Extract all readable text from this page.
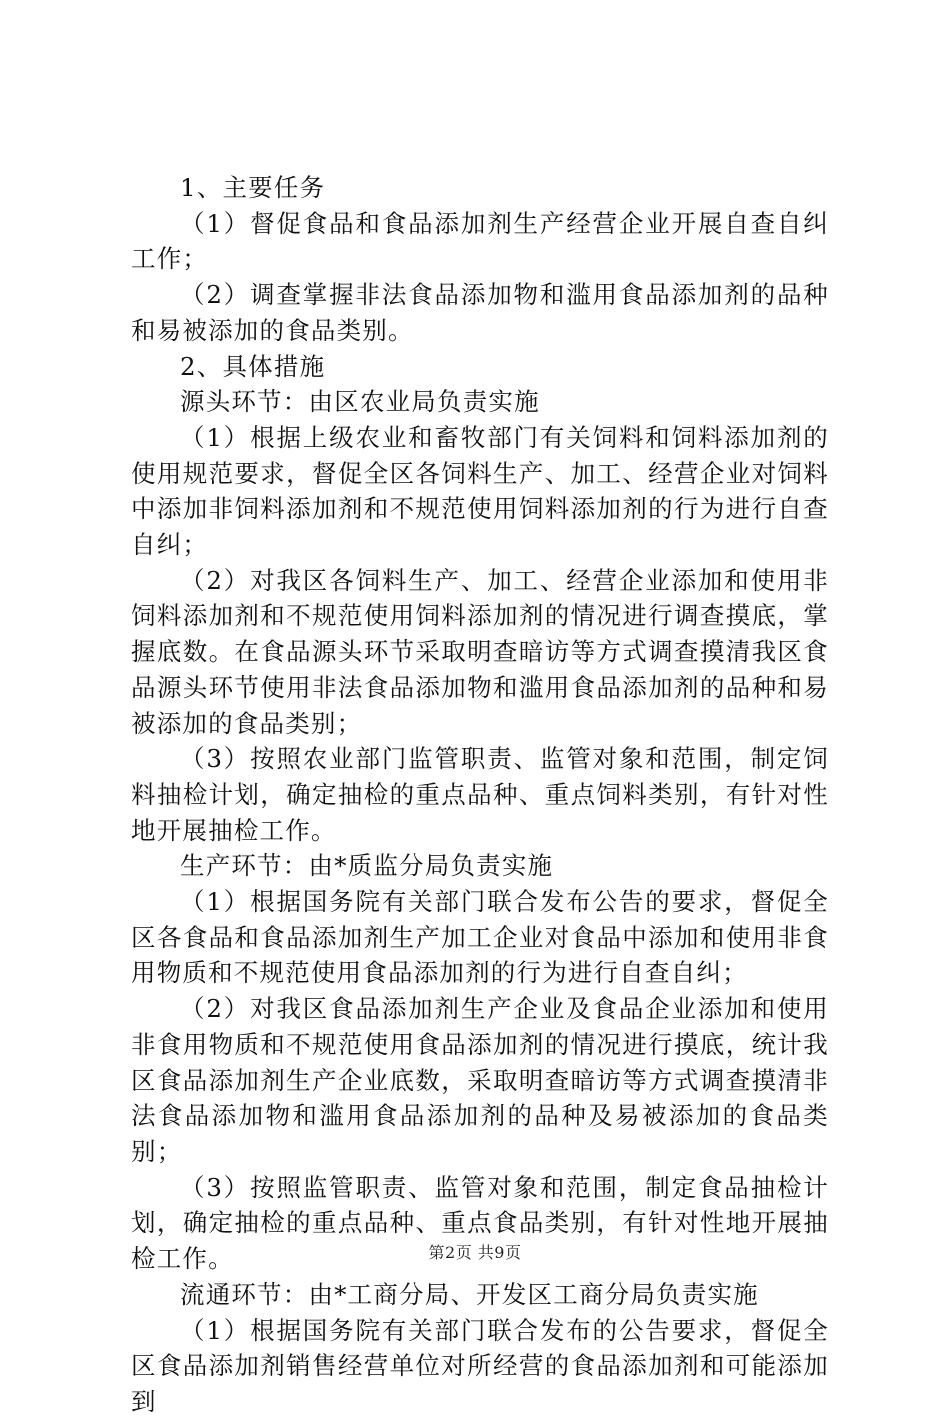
1、主要任务

（1）督促食品和食品添加剂生产经营企业开展自查自纠工作；

（2）调查掌握非法食品添加物和滥用食品添加剂的品种和易被添加的食品类别。

2、具体措施

源头环节：由区农业局负责实施

（1）根据上级农业和畜牧部门有关饲料和饲料添加剂的使用规范要求，督促全区各饲料生产、加工、经营企业对饲料中添加非饲料添加剂和不规范使用饲料添加剂的行为进行自查自纠；

（2）对我区各饲料生产、加工、经营企业添加和使用非饲料添加剂和不规范使用饲料添加剂的情况进行调查摸底，掌握底数。在食品源头环节采取明查暗访等方式调查摸清我区食品源头环节使用非法食品添加物和滥用食品添加剂的品种和易被添加的食品类别；

（3）按照农业部门监管职责、监管对象和范围，制定饲料抽检计划，确定抽检的重点品种、重点饲料类别，有针对性地开展抽检工作。

生产环节：由*质监分局负责实施

（1）根据国务院有关部门联合发布公告的要求，督促全区各食品和食品添加剂生产加工企业对食品中添加和使用非食用物质和不规范使用食品添加剂的行为进行自查自纠；

（2）对我区食品添加剂生产企业及食品企业添加和使用非食用物质和不规范使用食品添加剂的情况进行摸底，统计我区食品添加剂生产企业底数，采取明查暗访等方式调查摸清非法食品添加物和滥用食品添加剂的品种及易被添加的食品类别；

（3）按照监管职责、监管对象和范围，制定食品抽检计划，确定抽检的重点品种、重点食品类别，有针对性地开展抽检工作。

流通环节：由*工商分局、开发区工商分局负责实施

（1）根据国务院有关部门联合发布的公告要求，督促全区食品添加剂销售经营单位对所经营的食品添加剂和可能添加到

第2页 共9页
